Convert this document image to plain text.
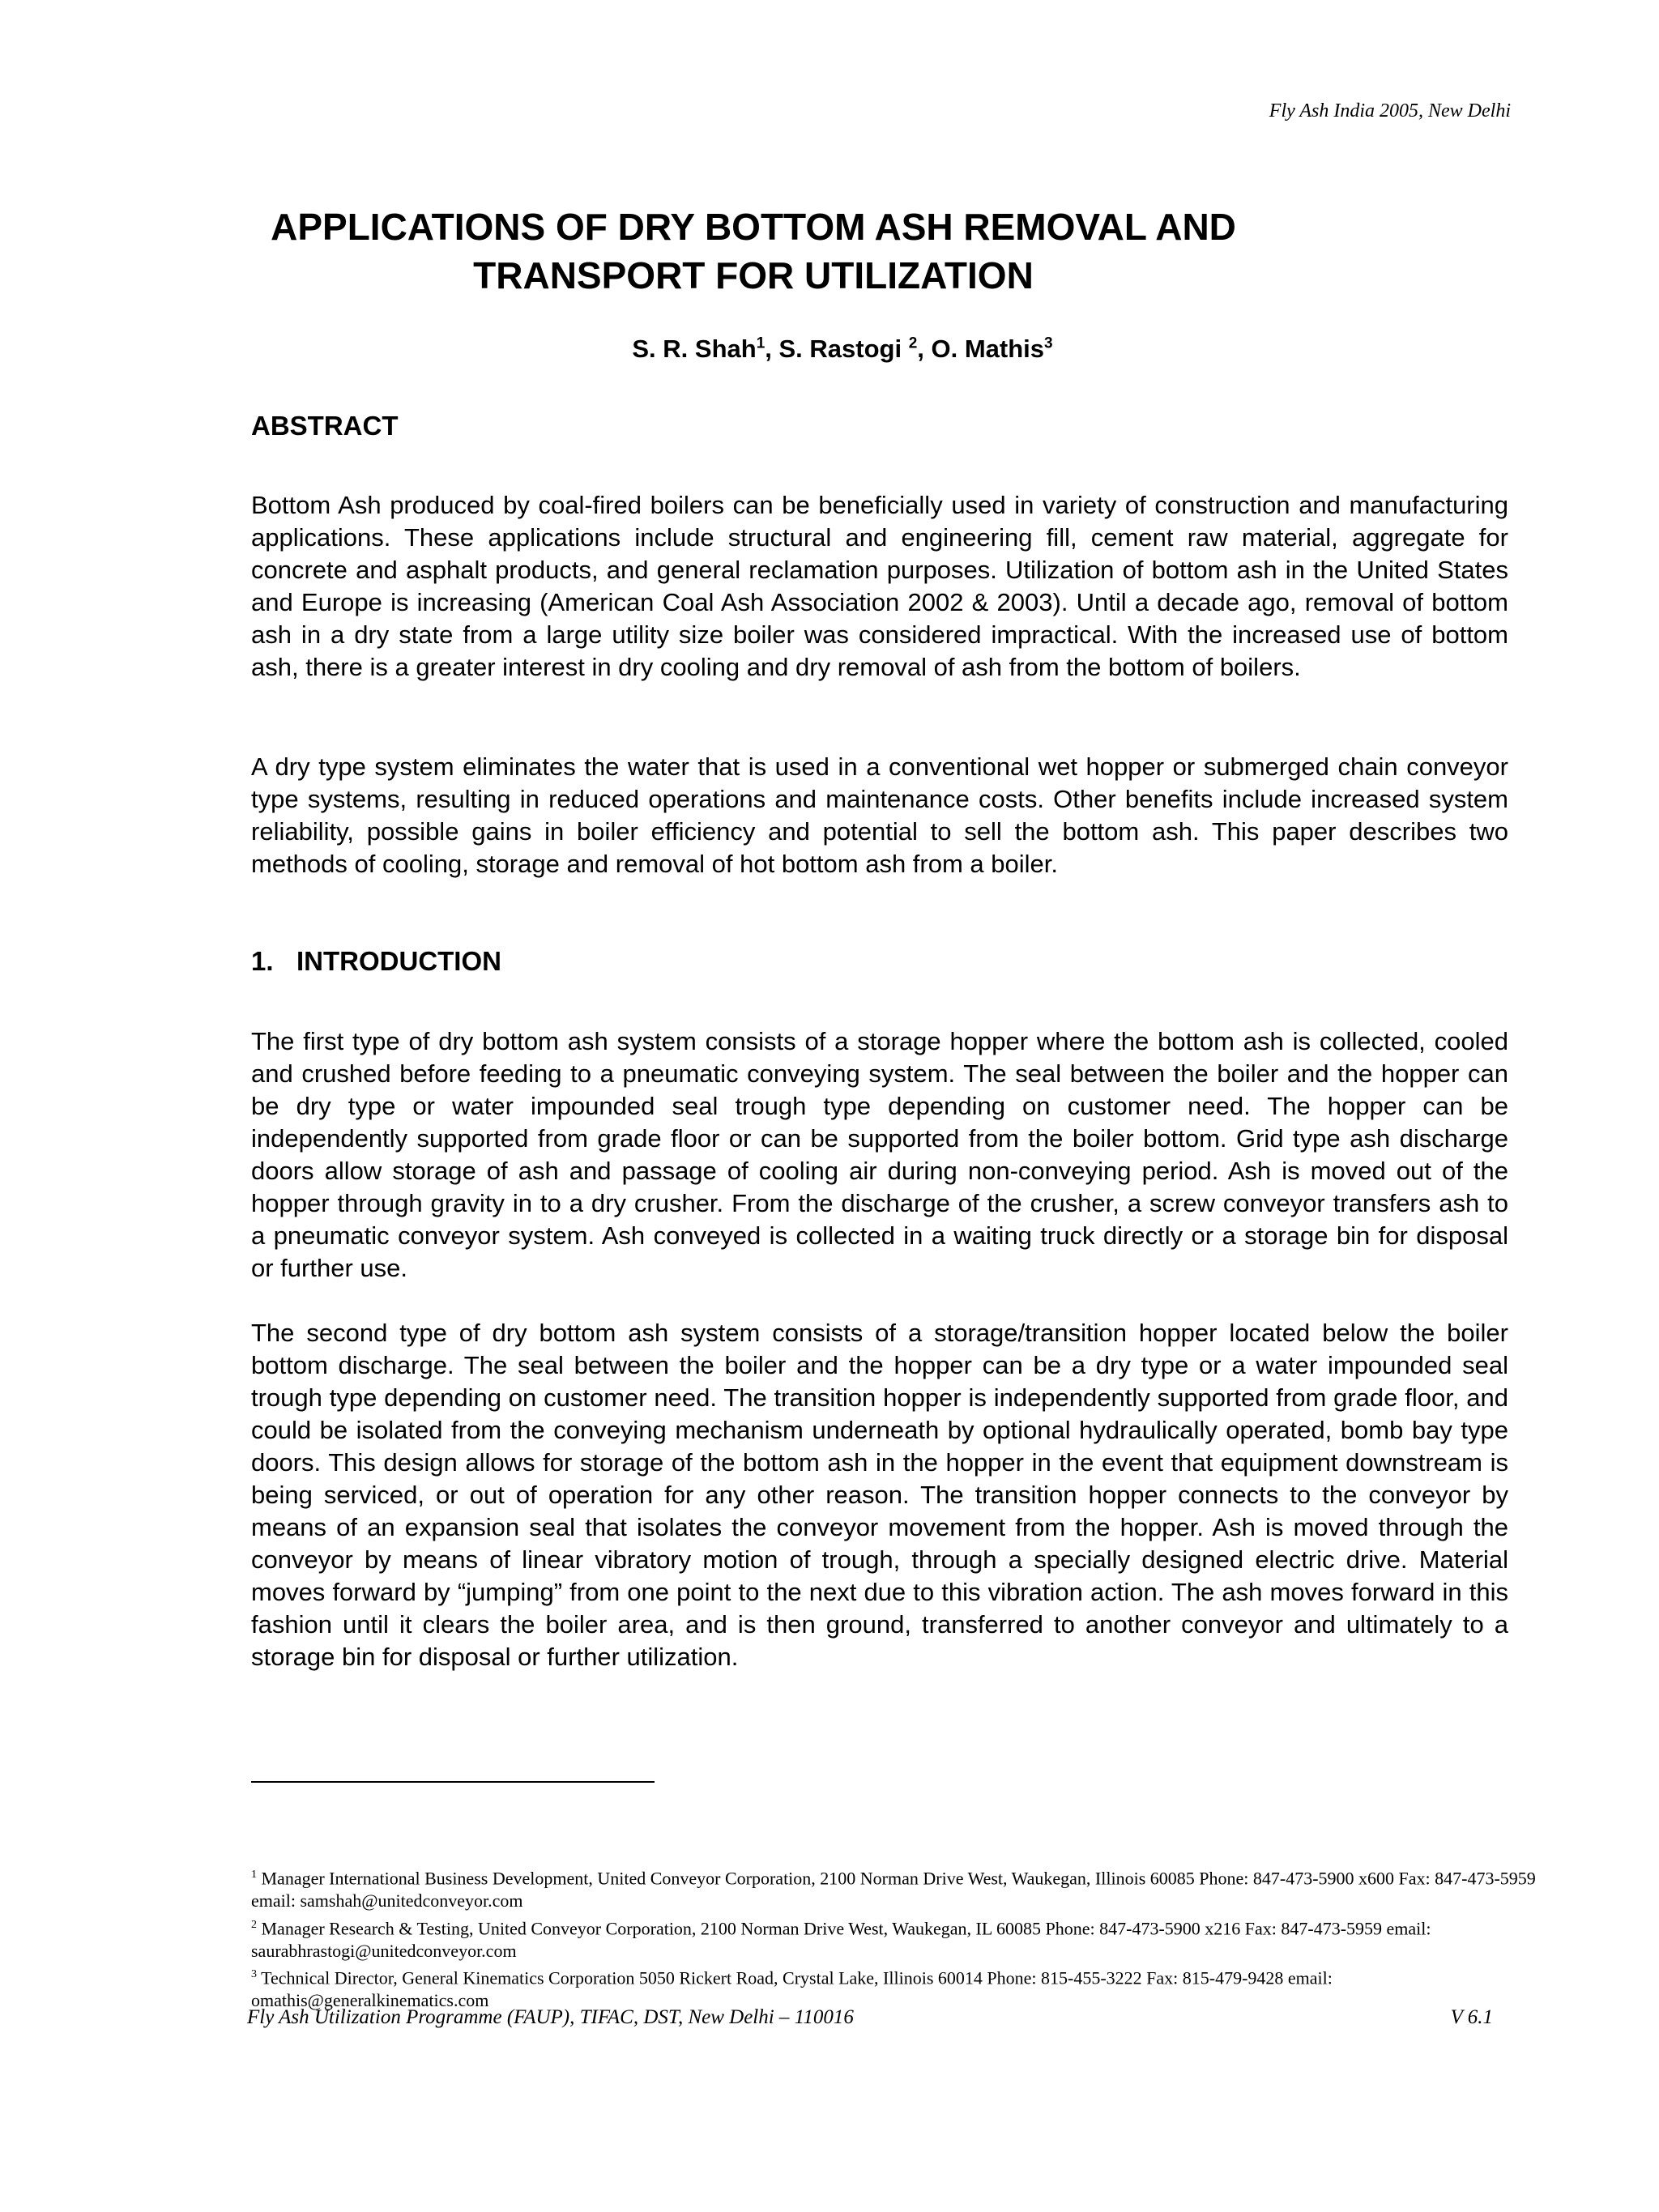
Fly Ash India 2005, New Delhi
APPLICATIONS OF DRY BOTTOM ASH REMOVAL AND
TRANSPORT FOR UTILIZATION
S. R. Shah$^1$, S. Rastogi $^2$, O. Mathis$^3$
ABSTRACT

Bottom Ash produced by coal-fired boilers can be beneficially used in variety of construction and manufacturing applications. These applications include structural and engineering fill, cement raw material, aggregate for concrete and asphalt products, and general reclamation purposes. Utilization of bottom ash in the United States and Europe is increasing (American Coal Ash Association 2002 & 2003). Until a decade ago, removal of bottom ash in a dry state from a large utility size boiler was considered impractical. With the increased use of bottom ash, there is a greater interest in dry cooling and dry removal of ash from the bottom of boilers.

A dry type system eliminates the water that is used in a conventional wet hopper or submerged chain conveyor type systems, resulting in reduced operations and maintenance costs. Other benefits include increased system reliability, possible gains in boiler efficiency and potential to sell the bottom ash. This paper describes two methods of cooling, storage and removal of hot bottom ash from a boiler.

1. INTRODUCTION

The first type of dry bottom ash system consists of a storage hopper where the bottom ash is collected, cooled and crushed before feeding to a pneumatic conveying system. The seal between the boiler and the hopper can be dry type or water impounded seal trough type depending on customer need. The hopper can be independently supported from grade floor or can be supported from the boiler bottom. Grid type ash discharge doors allow storage of ash and passage of cooling air during non-conveying period. Ash is moved out of the hopper through gravity in to a dry crusher. From the discharge of the crusher, a screw conveyor transfers ash to a pneumatic conveyor system. Ash conveyed is collected in a waiting truck directly or a storage bin for disposal or further use.

The second type of dry bottom ash system consists of a storage/transition hopper located below the boiler bottom discharge. The seal between the boiler and the hopper can be a dry type or a water impounded seal trough type depending on customer need. The transition hopper is independently supported from grade floor, and could be isolated from the conveying mechanism underneath by optional hydraulically operated, bomb bay type doors. This design allows for storage of the bottom ash in the hopper in the event that equipment downstream is being serviced, or out of operation for any other reason. The transition hopper connects to the conveyor by means of an expansion seal that isolates the conveyor movement from the hopper. Ash is moved through the conveyor by means of linear vibratory motion of trough, through a specially designed electric drive. Material moves forward by “jumping” from one point to the next due to this vibration action. The ash moves forward in this fashion until it clears the boiler area, and is then ground, transferred to another conveyor and ultimately to a storage bin for disposal or further utilization.

$^1$ Manager International Business Development, United Conveyor Corporation, 2100 Norman Drive West, Waukegan, Illinois 60085 Phone: 847-473-5900 x600 Fax: 847-473-5959 email: samshah@unitedconveyor.com

$^2$ Manager Research & Testing, United Conveyor Corporation, 2100 Norman Drive West, Waukegan, IL 60085 Phone: 847-473-5900 x216 Fax: 847-473-5959 email: saurabhrastogi@unitedconveyor.com

$^3$ Technical Director, General Kinematics Corporation 5050 Rickert Road, Crystal Lake, Illinois 60014 Phone: 815-455-3222 Fax: 815-479-9428 email: omathis@generalkinematics.com

Fly Ash Utilization Programme (FAUP), TIFAC, DST, New Delhi – 110016	V 6.1
